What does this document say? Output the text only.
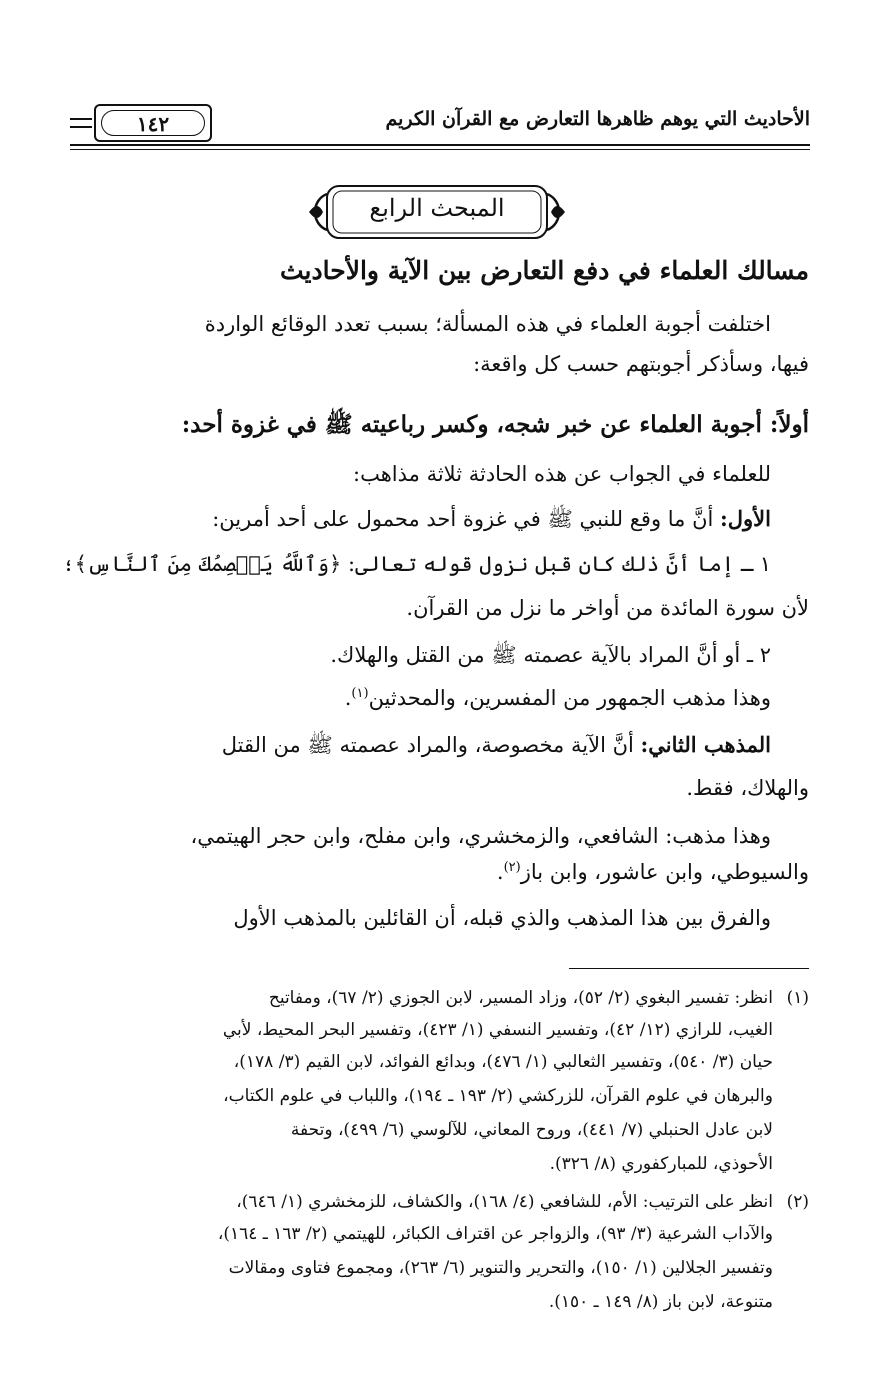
الأحاديث التي يوهم ظاهرها التعارض مع القرآن الكريم
١٤٢
المبحث الرابع
مسالك العلماء في دفع التعارض بين الآية والأحاديث
اختلفت أجوبة العلماء في هذه المسألة؛ بسبب تعدد الوقائع الواردة
فيها، وسأذكر أجوبتهم حسب كل واقعة:
أولاً: أجوبة العلماء عن خبر شجه، وكسر رباعيته ﷺ في غزوة أحد:
للعلماء في الجواب عن هذه الحادثة ثلاثة مذاهب:
الأول: أنَّ ما وقع للنبي ﷺ في غزوة أحد محمول على أحد أمرين:
١ ـ إما أنَّ ذلك كان قبل نزول قوله تعالى: ﴿وَٱللَّهُ يَعۡصِمُكَ مِنَ ٱلنَّاسِ﴾؛
لأن سورة المائدة من أواخر ما نزل من القرآن.
٢ ـ أو أنَّ المراد بالآية عصمته ﷺ من القتل والهلاك.
وهذا مذهب الجمهور من المفسرين، والمحدثين$^{(١)}$.
المذهب الثاني: أنَّ الآية مخصوصة، والمراد عصمته ﷺ من القتل
والهلاك، فقط.
وهذا مذهب: الشافعي، والزمخشري، وابن مفلح، وابن حجر الهيتمي،
والسيوطي، وابن عاشور، وابن باز$^{(٢)}$.
والفرق بين هذا المذهب والذي قبله، أن القائلين بالمذهب الأول
(١)انظر: تفسير البغوي (٢/ ٥٢)، وزاد المسير، لابن الجوزي (٢/ ٦٧)، ومفاتيح
الغيب، للرازي (١٢/ ٤٢)، وتفسير النسفي (١/ ٤٢٣)، وتفسير البحر المحيط، لأبي
حيان (٣/ ٥٤٠)، وتفسير الثعالبي (١/ ٤٧٦)، وبدائع الفوائد، لابن القيم (٣/ ١٧٨)،
والبرهان في علوم القرآن، للزركشي (٢/ ١٩٣ ـ ١٩٤)، واللباب في علوم الكتاب،
لابن عادل الحنبلي (٧/ ٤٤١)، وروح المعاني، للآلوسي (٦/ ٤٩٩)، وتحفة
الأحوذي، للمباركفوري (٨/ ٣٢٦).
(٢)انظر على الترتيب: الأم، للشافعي (٤/ ١٦٨)، والكشاف، للزمخشري (١/ ٦٤٦)،
والآداب الشرعية (٣/ ٩٣)، والزواجر عن اقتراف الكبائر، للهيتمي (٢/ ١٦٣ ـ ١٦٤)،
وتفسير الجلالين (١/ ١٥٠)، والتحرير والتنوير (٦/ ٢٦٣)، ومجموع فتاوى ومقالات
متنوعة، لابن باز (٨/ ١٤٩ ـ ١٥٠).
